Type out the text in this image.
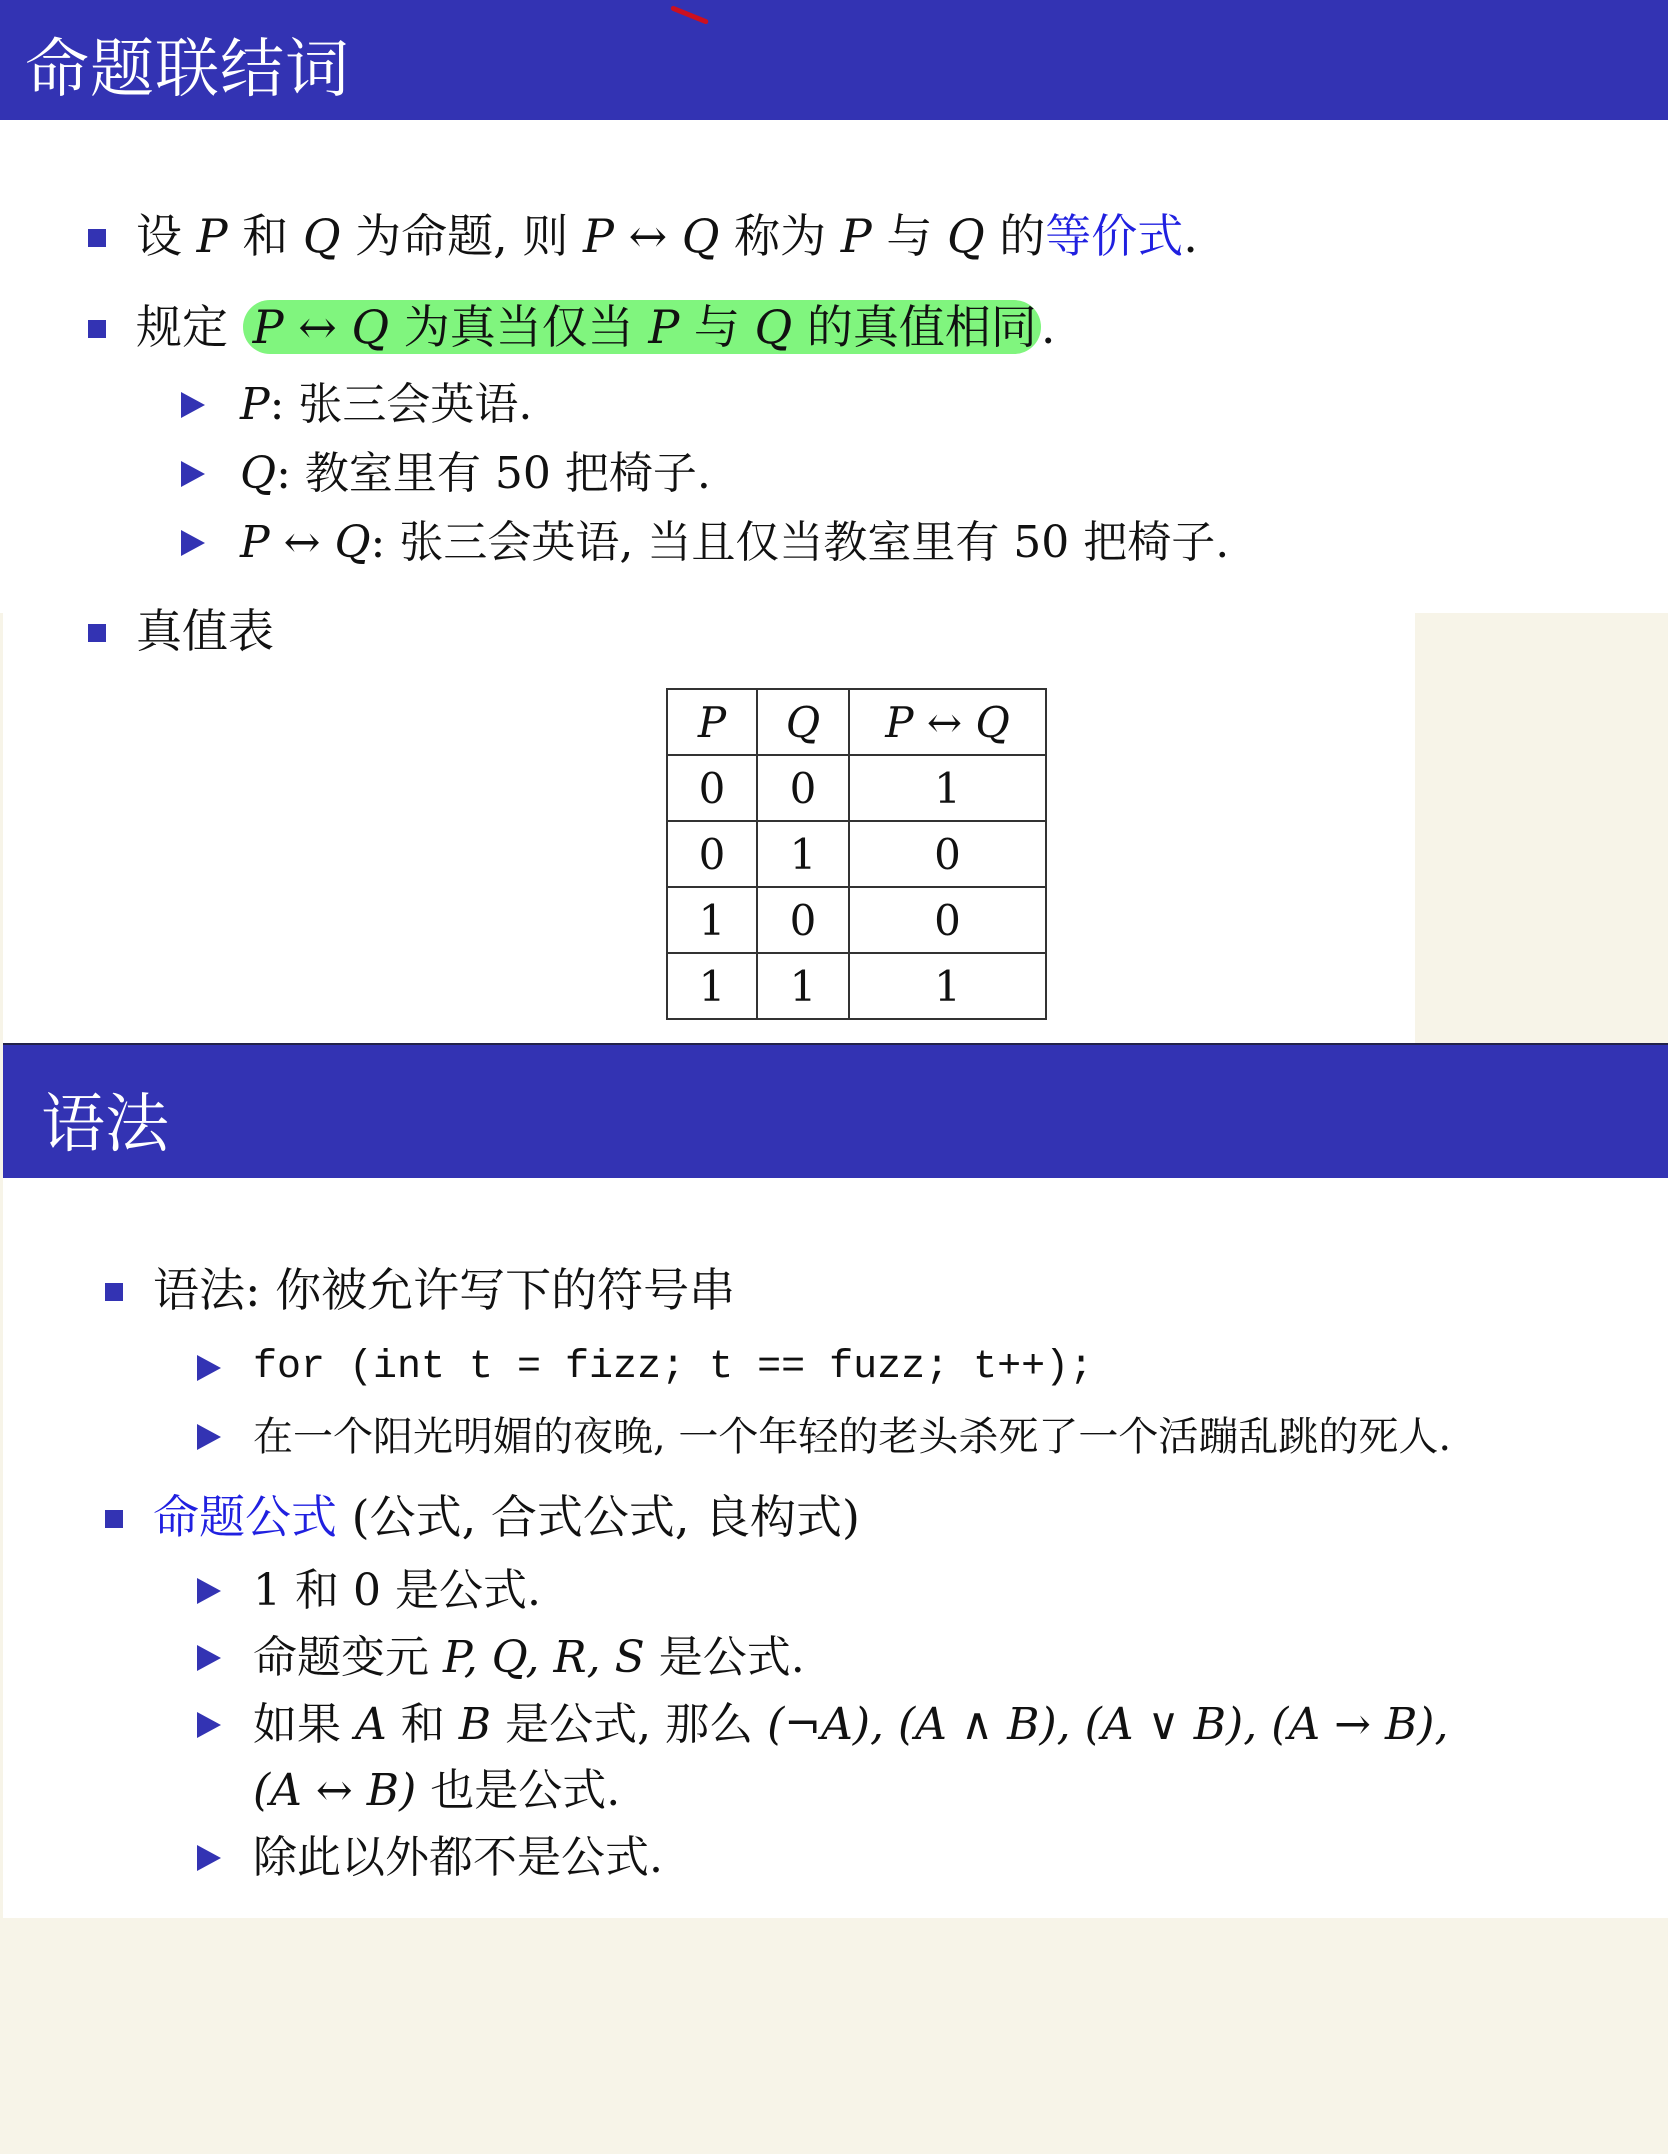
命题联结词
设 P 和 Q 为命题, 则 P ↔ Q 称为 P 与 Q 的等价式.
规定 P ↔ Q 为真当仅当 P 与 Q 的真值相同.
P: 张三会英语.
Q: 教室里有 50 把椅子.
P ↔ Q: 张三会英语, 当且仅当教室里有 50 把椅子.
真值表
P	Q	P ↔ Q
0	0	1
0	1	0
1	0	0
1	1	1
语法
语法: 你被允许写下的符号串
for (int t = fizz; t == fuzz; t++);
在一个阳光明媚的夜晚, 一个年轻的老头杀死了一个活蹦乱跳的死人.
命题公式 (公式, 合式公式, 良构式)
1 和 0 是公式.
命题变元 P, Q, R, S 是公式.
如果 A 和 B 是公式, 那么 (¬A), (A ∧ B), (A ∨ B), (A → B),
(A ↔ B) 也是公式.
除此以外都不是公式.
